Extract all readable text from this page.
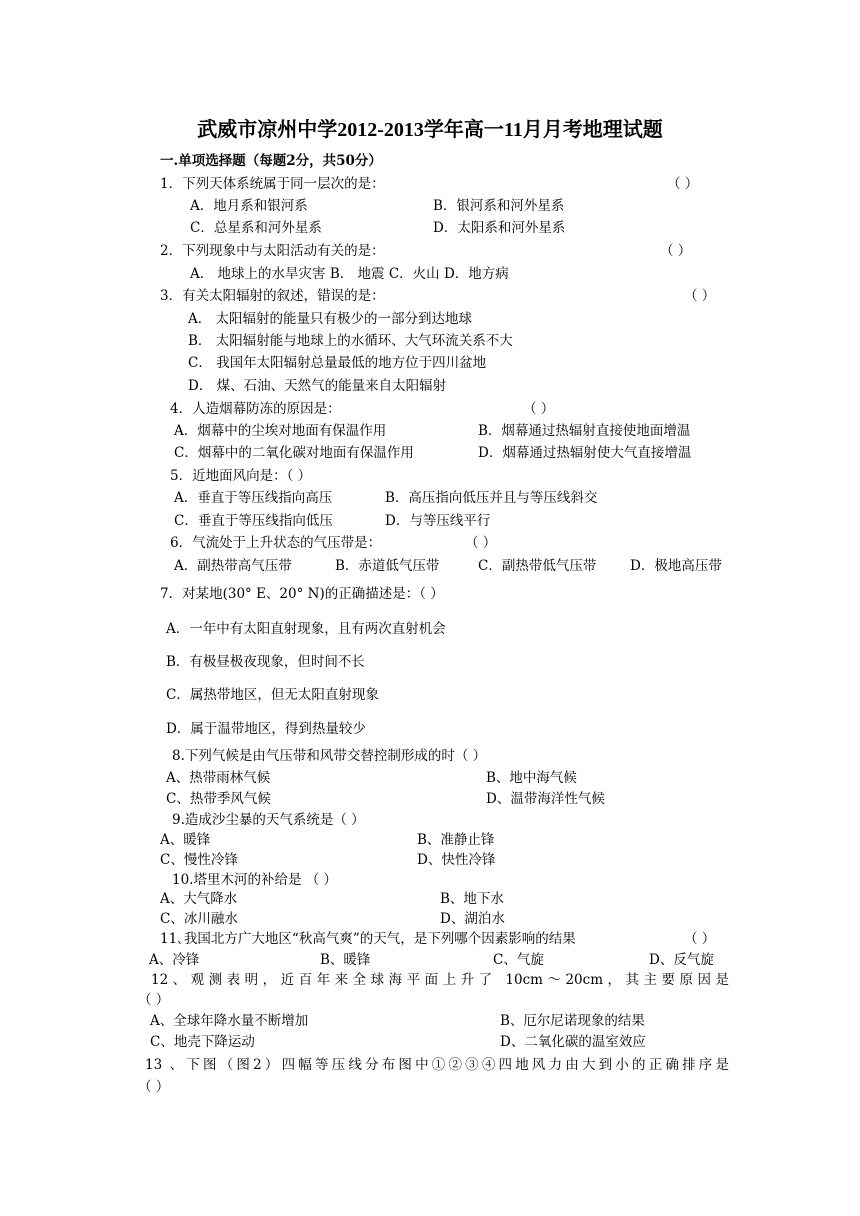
武威市凉州中学2012-2013学年高一11月月考地理试题
一.单项选择题（每题2分，共50分）
1．下列天体系统属于同一层次的是：	（ ）
A．地月系和银河系	B．银河系和河外星系
C．总星系和河外星系	D．太阳系和河外星系
2．下列现象中与太阳活动有关的是：	（ ）
A． 地球上的水旱灾害 B． 地震 C．火山 D．地方病
3．有关太阳辐射的叙述，错误的是：	（ ）
A． 太阳辐射的能量只有极少的一部分到达地球
B． 太阳辐射能与地球上的水循环、大气环流关系不大
C． 我国年太阳辐射总量最低的地方位于四川盆地
D． 煤、石油、天然气的能量来自太阳辐射
4．人造烟幕防冻的原因是：	（ ）
A．烟幕中的尘埃对地面有保温作用	B．烟幕通过热辐射直接使地面增温
C．烟幕中的二氧化碳对地面有保温作用	D．烟幕通过热辐射使大气直接增温
5．近地面风向是：（ ）
A．垂直于等压线指向高压	B．高压指向低压并且与等压线斜交
C．垂直于等压线指向低压	D．与等压线平行
6．气流处于上升状态的气压带是：	（ ）
A．副热带高气压带	B．赤道低气压带	C．副热带低气压带 D．极地高压带
7．对某地(30° E、20° N)的正确描述是：（ ）
A．一年中有太阳直射现象，且有两次直射机会
B．有极昼极夜现象，但时间不长
C．属热带地区，但无太阳直射现象
D．属于温带地区，得到热量较少
8.下列气候是由气压带和风带交替控制形成的时（ ）
A、热带雨林气候	B、地中海气候
C、热带季风气候	D、温带海洋性气候
9.造成沙尘暴的天气系统是（ ）
A、暖锋	B、准静止锋
C、慢性冷锋	D、快性冷锋
10.塔里木河的补给是 （ ）
A、大气降水	B、地下水
C、冰川融水	D、湖泊水
11､我国北方广大地区“秋高气爽”的天气，是下列哪个因素影响的结果	（ ）
A、冷锋	B、暖锋	C、气旋	D、反气旋
12、观测表明，近百年来全球海平面上升了 10cm～20cm，其主要原因是
（ ）
A、全球年降水量不断增加	B、厄尔尼诺现象的结果
C、地壳下降运动	D、二氧化碳的温室效应
13 、下图（图2）四幅等压线分布图中①②③④四地风力由大到小的正确排序是
（ ）
